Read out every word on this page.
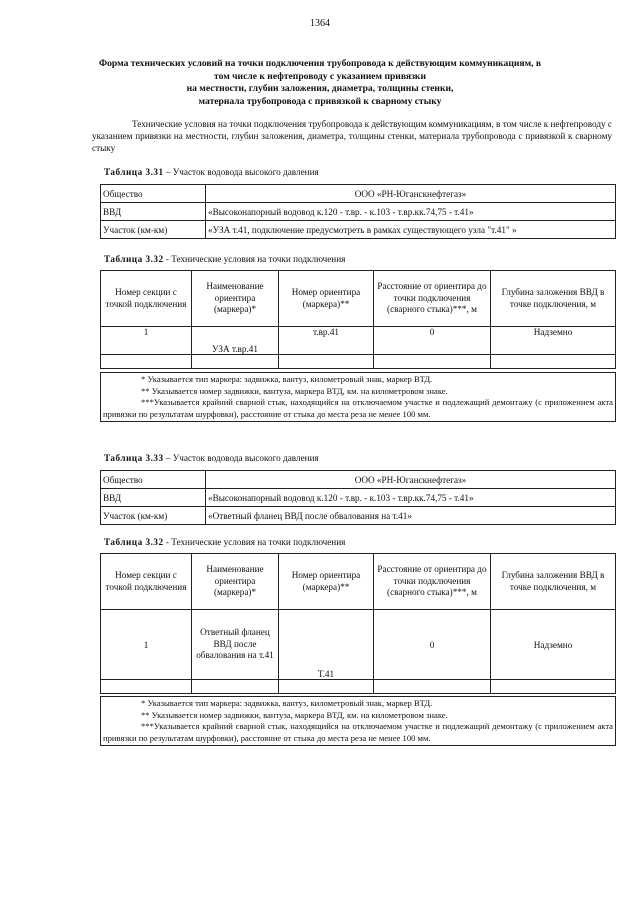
1364
Форма технических условий на точки подключения трубопровода к действующим коммуникациям, в
том числе к нефтепроводу с указанием привязки
на местности, глубин заложения, диаметра, толщины стенки,
материала трубопровода с привязкой к сварному стыку
Технические условия на точки подключения трубопровода к действующим коммуникациям, в том числе к нефтепроводу с указанием привязки на местности, глубин заложения, диаметра, толщины стенки, материала трубопровода с привязкой к сварному стыку
Таблица 3.31 – Участок водовода высокого давления
Общество	ООО «РН-Юганскнефтегаз»
ВВД	«Высоконапорный водовод к.120 - т.вр. - к.103 - т.вр.кк.74,75 - т.41»
Участок (км-км)	«УЗА т.41, подключение предусмотреть в рамках существующего узла "т.41" »
Таблица 3.32 - Технические условия на точки подключения
Номер секции с точкой подключения	Наименование ориентира (маркера)*	Номер ориентира (маркера)**	Расстояние от ориентира до точки подключения (сварного стыка)***, м	Глубина заложения ВВД в точке подключения, м
1	УЗА т.вр.41	т.вр.41	0	Надземно

* Указывается тип маркера: задвижка, вантуз, километровый знак, маркер ВТД.
** Указывается номер задвижки, вантуза, маркера ВТД, км. на километровом знаке.
***Указывается крайний сварной стык, находящийся на отключаемом участке и подлежащий демонтажу (с приложением акта привязки по результатам шурфовки), расстояние от стыка до места реза не менее 100 мм.
Таблица 3.33 – Участок водовода высокого давления
Общество	ООО «РН-Юганскнефтегаз»
ВВД	«Высоконапорный водовод к.120 - т.вр. - к.103 - т.вр.кк.74,75 - т.41»
Участок (км-км)	«Ответный фланец ВВД после обвалования на т.41»
Таблица 3.32 - Технические условия на точки подключения
Номер секции с точкой подключения	Наименование ориентира (маркера)*	Номер ориентира (маркера)**	Расстояние от ориентира до точки подключения (сварного стыка)***, м	Глубина заложения ВВД в точке подключения, м
1	Ответный фланец ВВД после обвалования на т.41	Т.41	0	Надземно

* Указывается тип маркера: задвижка, вантуз, километровый знак, маркер ВТД.
** Указывается номер задвижки, вантуза, маркера ВТД, км. на километровом знаке.
***Указывается крайний сварной стык, находящийся на отключаемом участке и подлежащий демонтажу (с приложением акта привязки по результатам шурфовки), расстояние от стыка до места реза не менее 100 мм.
